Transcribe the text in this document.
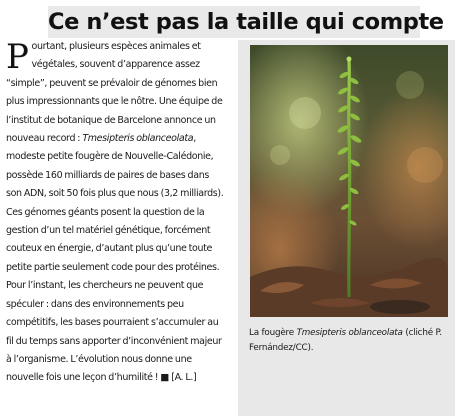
Ce n’est pas la taille qui compte

Pourtant, plusieurs espèces animales et végétales, souvent d’apparence assez “simple”, peuvent se prévaloir de génomes bien plus impressionnants que le nôtre. Une équipe de l’institut de botanique de Barcelone annonce un nouveau record : Tmesipteris oblanceolata, modeste petite fougère de Nouvelle-Calédonie, possède 160 milliards de paires de bases dans son ADN, soit 50 fois plus que nous (3,2 milliards). Ces génomes géants posent la question de la gestion d’un tel matériel génétique, forcément couteux en énergie, d’autant plus qu’une toute petite partie seulement code pour des protéines.

Pour l’instant, les chercheurs ne peuvent que spéculer : dans des environnements peu compétitifs, les bases pourraient s’accumuler au fil du temps sans apporter d’inconvénient majeur à l’organisme. L’évolution nous donne une nouvelle fois une leçon d’humilité ! ■ [A. L.]

La fougère Tmesipteris oblanceolata (cliché P. Fernández/CC).
